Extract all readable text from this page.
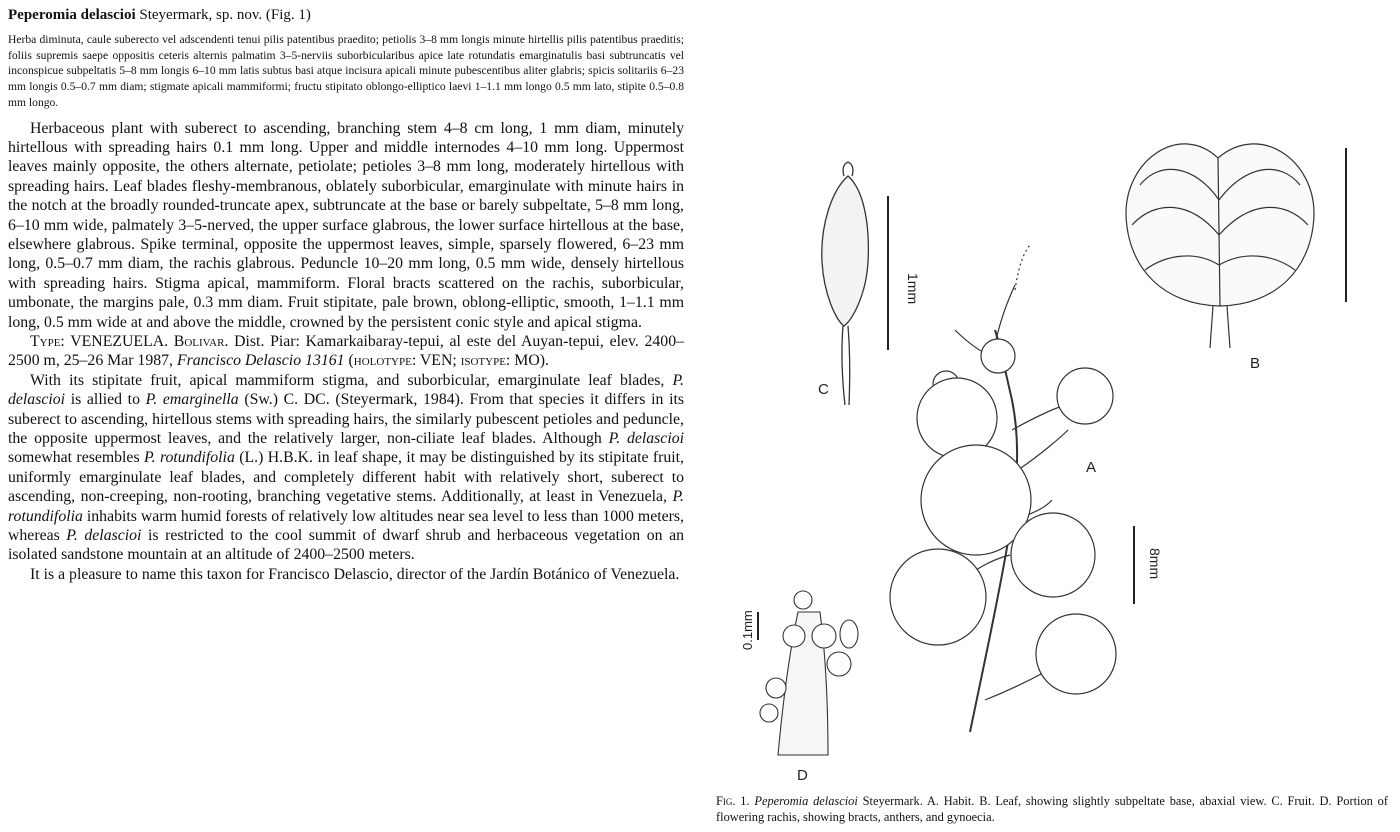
Peperomia delascioi Steyermark, sp. nov. (Fig. 1)

Herba diminuta, caule suberecto vel adscendenti tenui pilis patentibus praedito; petiolis 3–8 mm longis minute hirtellis pilis patentibus praeditis; foliis supremis saepe oppositis ceteris alternis palmatim 3–5-nerviis suborbicularibus apice late rotundatis emarginatulis basi subtruncatis vel inconspicue subpeltatis 5–8 mm longis 6–10 mm latis subtus basi atque incisura apicali minute pubescentibus aliter glabris; spicis solitariis 6–23 mm longis 0.5–0.7 mm diam; stigmate apicali mammiformi; fructu stipitato oblongo-elliptico laevi 1–1.1 mm longo 0.5 mm lato, stipite 0.5–0.8 mm longo.

Herbaceous plant with suberect to ascending, branching stem 4–8 cm long, 1 mm diam, minutely hirtellous with spreading hairs 0.1 mm long. Upper and middle internodes 4–10 mm long. Uppermost leaves mainly opposite, the others alternate, petiolate; petioles 3–8 mm long, moderately hirtellous with spreading hairs. Leaf blades fleshy-membranous, oblately suborbicular, emarginulate with minute hairs in the notch at the broadly rounded-truncate apex, subtruncate at the base or barely subpeltate, 5–8 mm long, 6–10 mm wide, palmately 3–5-nerved, the upper surface glabrous, the lower surface hirtellous at the base, elsewhere glabrous. Spike terminal, opposite the uppermost leaves, simple, sparsely flowered, 6–23 mm long, 0.5–0.7 mm diam, the rachis glabrous. Peduncle 10–20 mm long, 0.5 mm wide, densely hirtellous with spreading hairs. Stigma apical, mammiform. Floral bracts scattered on the rachis, suborbicular, umbonate, the margins pale, 0.3 mm diam. Fruit stipitate, pale brown, oblong-elliptic, smooth, 1–1.1 mm long, 0.5 mm wide at and above the middle, crowned by the persistent conic style and apical stigma.

Type: VENEZUELA. Bolivar. Dist. Piar: Kamarkaibaray-tepui, al este del Auyan-tepui, elev. 2400–2500 m, 25–26 Mar 1987, Francisco Delascio 13161 (holotype: VEN; isotype: MO).

With its stipitate fruit, apical mammiform stigma, and suborbicular, emarginulate leaf blades, P. delascioi is allied to P. emarginella (Sw.) C. DC. (Steyermark, 1984). From that species it differs in its suberect to ascending, hirtellous stems with spreading hairs, the similarly pubescent petioles and peduncle, the opposite uppermost leaves, and the relatively larger, non-ciliate leaf blades. Although P. delascioi somewhat resembles P. rotundifolia (L.) H.B.K. in leaf shape, it may be distinguished by its stipitate fruit, uniformly emarginulate leaf blades, and completely different habit with relatively short, suberect to ascending, non-creeping, non-rooting, branching vegetative stems. Additionally, at least in Venezuela, P. rotundifolia inhabits warm humid forests of relatively low altitudes near sea level to less than 1000 meters, whereas P. delascioi is restricted to the cool summit of dwarf shrub and herbaceous vegetation on an isolated sandstone mountain at an altitude of 2400–2500 meters.

It is a pleasure to name this taxon for Francisco Delascio, director of the Jardín Botánico of Venezuela.

1mm
C
B
A
8mm
0.1mm
D
Fig. 1. Peperomia delascioi Steyermark. A. Habit. B. Leaf, showing slightly subpeltate base, abaxial view. C. Fruit. D. Portion of flowering rachis, showing bracts, anthers, and gynoecia.
